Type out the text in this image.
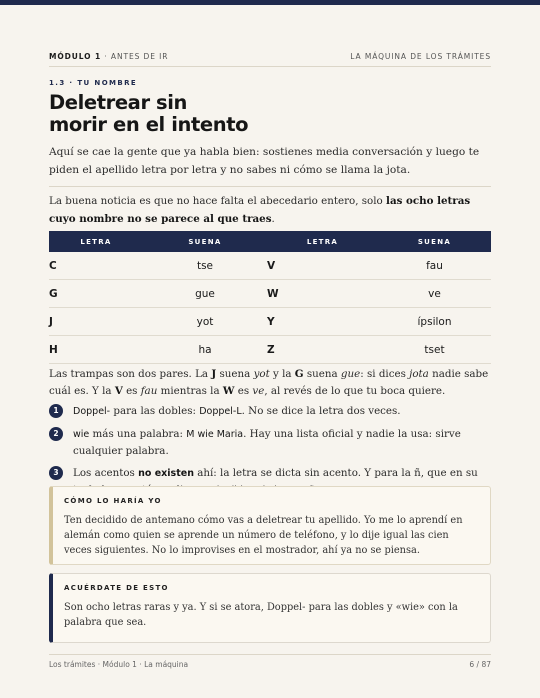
MÓDULO 1 · ANTES DE IR	LA MÁQUINA DE LOS TRÁMITES
1.3 · TU NOMBRE
Deletrear sin
morir en el intento
Aquí se cae la gente que ya habla bien: sostienes media conversación y luego te piden el apellido letra por letra y no sabes ni cómo se llama la jota.
La buena noticia es que no hace falta el abecedario entero, solo las ocho letras cuyo nombre no se parece al que traes.
LETRA	SUENA	LETRA	SUENA
C	tse	V	fau
G	gue	W	ve
J	yot	Y	ípsilon
H	ha	Z	tset
Las trampas son dos pares. La J suena yot y la G suena gue: si dices jota nadie sabe cuál es. Y la V es fau mientras la W es ve, al revés de lo que tu boca quiere.
1	Doppel- para las dobles: Doppel-L. No se dice la letra dos veces.
2	wie más una palabra: M wie Maria. Hay una lista oficial y nadie la usa: sirve cualquier palabra.
3	Los acentos no existen ahí: la letra se dicta sin acento. Y para la ñ, que en su
CÓMO LO HARÍA YO
Ten decidido de antemano cómo vas a deletrear tu apellido. Yo me lo aprendí en alemán como quien se aprende un número de teléfono, y lo dije igual las cien veces siguientes. No lo improvises en el mostrador, ahí ya no se piensa.
ACUÉRDATE DE ESTO
Son ocho letras raras y ya. Y si se atora, Doppel- para las dobles y «wie» con la palabra que sea.
Los trámites · Módulo 1 · La máquina	6 / 87
